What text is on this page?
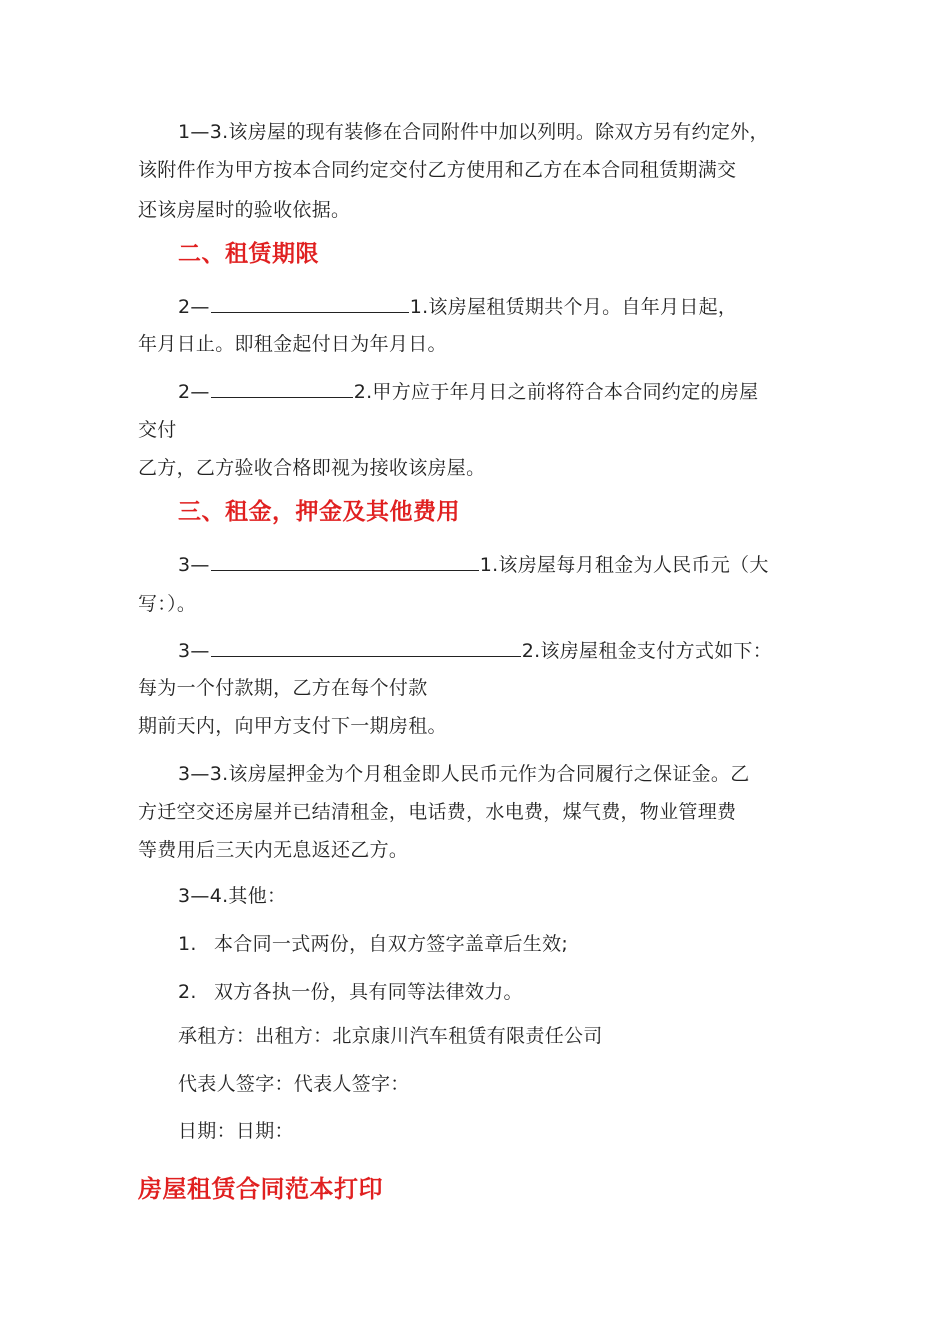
1—3.该房屋的现有装修在合同附件中加以列明。除双方另有约定外，
该附件作为甲方按本合同约定交付乙方使用和乙方在本合同租赁期满交
还该房屋时的验收依据。
二、租赁期限
2—	1.该房屋租赁期共个月。自年月日起，
年月日止。即租金起付日为年月日。
2—	2.甲方应于年月日之前将符合本合同约定的房屋
交付
乙方，乙方验收合格即视为接收该房屋。
三、租金，押金及其他费用
3—	1.该房屋每月租金为人民币元（大
写：）。
3—	2.该房屋租金支付方式如下：
每为一个付款期，乙方在每个付款
期前天内，向甲方支付下一期房租。
3—3.该房屋押金为个月租金即人民币元作为合同履行之保证金。乙
方迁空交还房屋并已结清租金，电话费，水电费，煤气费，物业管理费
等费用后三天内无息返还乙方。
3—4.其他：
1. 本合同一式两份，自双方签字盖章后生效;
2. 双方各执一份，具有同等法律效力。
承租方：出租方：北京康川汽车租赁有限责任公司
代表人签字：代表人签字：
日期：日期：
房屋租赁合同范本打印
